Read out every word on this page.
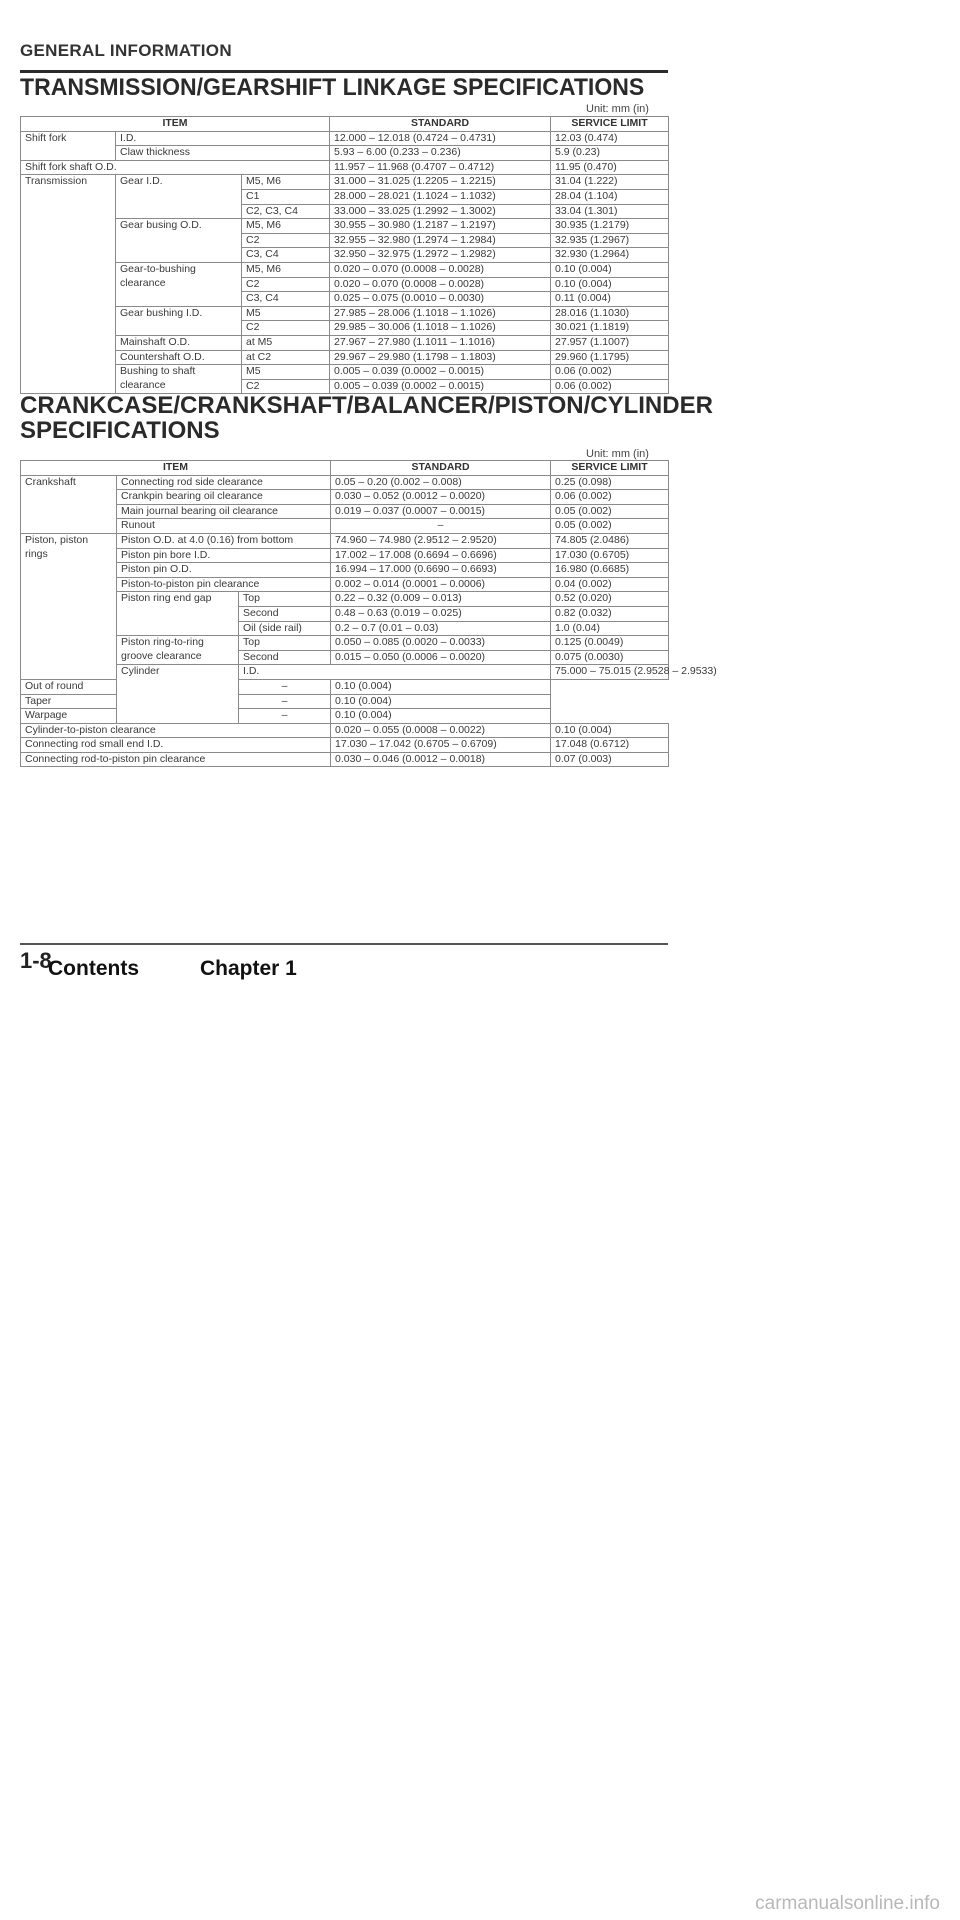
GENERAL INFORMATION
TRANSMISSION/GEARSHIFT LINKAGE SPECIFICATIONS
Unit: mm (in)
ITEM			STANDARD	SERVICE LIMIT
Shift fork	I.D.		12.000 – 12.018 (0.4724 – 0.4731)	12.03 (0.474)
	Claw thickness		5.93 – 6.00 (0.233 – 0.236)	5.9 (0.23)
Shift fork shaft O.D.			11.957 – 11.968 (0.4707 – 0.4712)	11.95 (0.470)
Transmission	Gear I.D.	M5, M6	31.000 – 31.025 (1.2205 – 1.2215)	31.04 (1.222)
		C1	28.000 – 28.021 (1.1024 – 1.1032)	28.04 (1.104)
		C2, C3, C4	33.000 – 33.025 (1.2992 – 1.3002)	33.04 (1.301)
	Gear busing O.D.	M5, M6	30.955 – 30.980 (1.2187 – 1.2197)	30.935 (1.2179)
		C2	32.955 – 32.980 (1.2974 – 1.2984)	32.935 (1.2967)
		C3, C4	32.950 – 32.975 (1.2972 – 1.2982)	32.930 (1.2964)
	Gear-to-bushing clearance	M5, M6	0.020 – 0.070 (0.0008 – 0.0028)	0.10 (0.004)
		C2	0.020 – 0.070 (0.0008 – 0.0028)	0.10 (0.004)
		C3, C4	0.025 – 0.075 (0.0010 – 0.0030)	0.11 (0.004)
	Gear bushing I.D.	M5	27.985 – 28.006 (1.1018 – 1.1026)	28.016 (1.1030)
		C2	29.985 – 30.006 (1.1018 – 1.1026)	30.021 (1.1819)
	Mainshaft O.D.	at M5	27.967 – 27.980 (1.1011 – 1.1016)	27.957 (1.1007)
	Countershaft O.D.	at C2	29.967 – 29.980 (1.1798 – 1.1803)	29.960 (1.1795)
	Bushing to shaft clearance	M5	0.005 – 0.039 (0.0002 – 0.0015)	0.06 (0.002)
		C2	0.005 – 0.039 (0.0002 – 0.0015)	0.06 (0.002)
CRANKCASE/CRANKSHAFT/BALANCER/PISTON/CYLINDER SPECIFICATIONS
Unit: mm (in)
ITEM			STANDARD	SERVICE LIMIT	
Crankshaft	Connecting rod side clearance		0.05 – 0.20 (0.002 – 0.008)	0.25 (0.098)	
	Crankpin bearing oil clearance		0.030 – 0.052 (0.0012 – 0.0020)	0.06 (0.002)	
	Main journal bearing oil clearance		0.019 – 0.037 (0.0007 – 0.0015)	0.05 (0.002)	
	Runout		–	0.05 (0.002)	
Piston, piston rings	Piston O.D. at 4.0 (0.16) from bottom		74.960 – 74.980 (2.9512 – 2.9520)	74.805 (2.0486)	
	Piston pin bore I.D.		17.002 – 17.008 (0.6694 – 0.6696)	17.030 (0.6705)	
	Piston pin O.D.		16.994 – 17.000 (0.6690 – 0.6693)	16.980 (0.6685)	
	Piston-to-piston pin clearance		0.002 – 0.014 (0.0001 – 0.0006)	0.04 (0.002)	
	Piston ring end gap	Top	0.22 – 0.32 (0.009 – 0.013)	0.52 (0.020)	
		Second	0.48 – 0.63 (0.019 – 0.025)	0.82 (0.032)	
		Oil (side rail)	0.2 – 0.7 (0.01 – 0.03)	1.0 (0.04)	
	Piston ring-to-ring groove clearance	Top	0.050 – 0.085 (0.0020 – 0.0033)	0.125 (0.0049)	
		Second	0.015 – 0.050 (0.0006 – 0.0020)	0.075 (0.0030)	
	Cylinder	I.D.		75.000 – 75.015 (2.9528 – 2.9533)	
Out of round		–	0.10 (0.004)		
Taper		–	0.10 (0.004)		
Warpage		–	0.10 (0.004)		
Cylinder-to-piston clearance			0.020 – 0.055 (0.0008 – 0.0022)	0.10 (0.004)	
Connecting rod small end I.D.			17.030 – 17.042 (0.6705 – 0.6709)	17.048 (0.6712)	
Connecting rod-to-piston pin clearance			0.030 – 0.046 (0.0012 – 0.0018)	0.07 (0.003)	
1-8
Contents	Chapter 1
carmanualsonline.info
